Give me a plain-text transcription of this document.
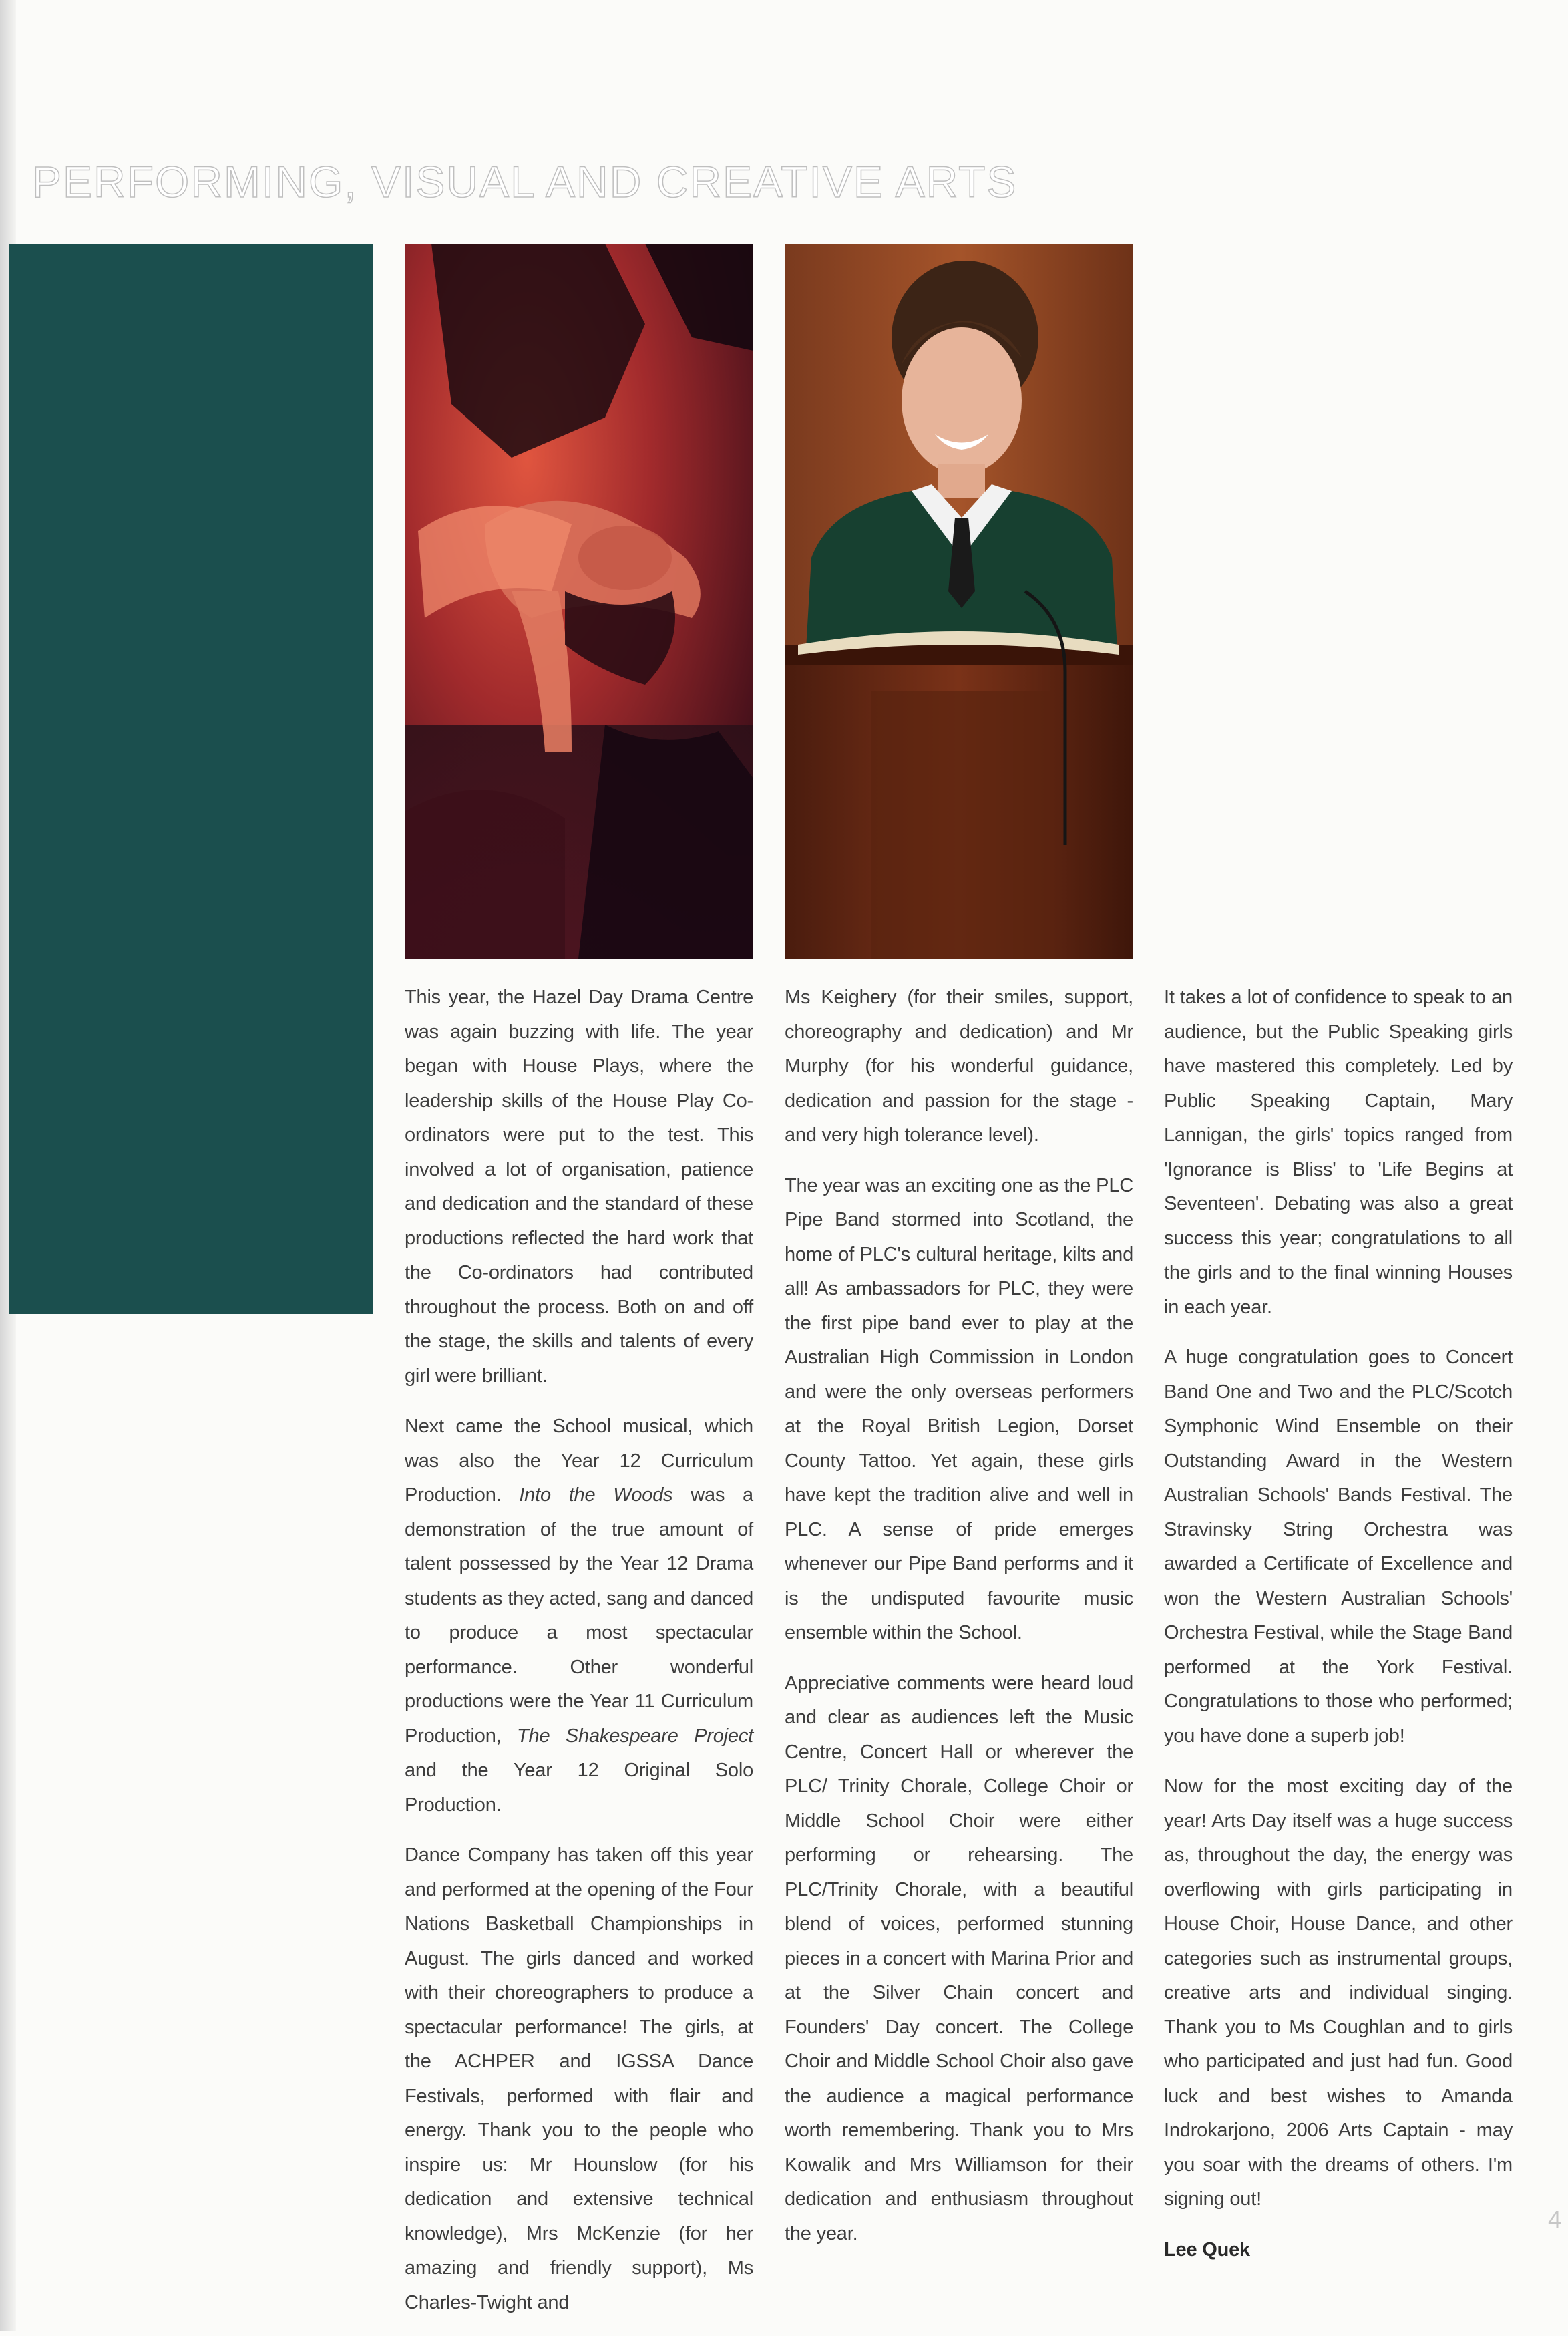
PERFORMING, VISUAL AND CREATIVE ARTS

This year, the Hazel Day Drama Centre was again buzzing with life. The year began with House Plays, where the leadership skills of the House Play Co-ordinators were put to the test. This involved a lot of organisation, patience and dedication and the standard of these productions reflected the hard work that the Co-ordinators had contributed throughout the process. Both on and off the stage, the skills and talents of every girl were brilliant.

Next came the School musical, which was also the Year 12 Curriculum Production. Into the Woods was a demonstration of the true amount of talent possessed by the Year 12 Drama students as they acted, sang and danced to produce a most spectacular performance. Other wonderful productions were the Year 11 Curriculum Production, The Shakespeare Project and the Year 12 Original Solo Production.

Dance Company has taken off this year and performed at the opening of the Four Nations Basketball Championships in August. The girls danced and worked with their choreographers to produce a spectacular performance! The girls, at the ACHPER and IGSSA Dance Festivals, performed with flair and energy. Thank you to the people who inspire us: Mr Hounslow (for his dedication and extensive technical knowledge), Mrs McKenzie (for her amazing and friendly support), Ms Charles-Twight and

Ms Keighery (for their smiles, support, choreography and dedication) and Mr Murphy (for his wonderful guidance, dedication and passion for the stage - and very high tolerance level).

The year was an exciting one as the PLC Pipe Band stormed into Scotland, the home of PLC's cultural heritage, kilts and all! As ambassadors for PLC, they were the first pipe band ever to play at the Australian High Commission in London and were the only overseas performers at the Royal British Legion, Dorset County Tattoo. Yet again, these girls have kept the tradition alive and well in PLC. A sense of pride emerges whenever our Pipe Band performs and it is the undisputed favourite music ensemble within the School.

Appreciative comments were heard loud and clear as audiences left the Music Centre, Concert Hall or wherever the PLC/ Trinity Chorale, College Choir or Middle School Choir were either performing or rehearsing. The PLC/Trinity Chorale, with a beautiful blend of voices, performed stunning pieces in a concert with Marina Prior and at the Silver Chain concert and Founders' Day concert. The College Choir and Middle School Choir also gave the audience a magical performance worth remembering. Thank you to Mrs Kowalik and Mrs Williamson for their dedication and enthusiasm throughout the year.

It takes a lot of confidence to speak to an audience, but the Public Speaking girls have mastered this completely. Led by Public Speaking Captain, Mary Lannigan, the girls' topics ranged from 'Ignorance is Bliss' to 'Life Begins at Seventeen'. Debating was also a great success this year; congratulations to all the girls and to the final winning Houses in each year.

A huge congratulation goes to Concert Band One and Two and the PLC/Scotch Symphonic Wind Ensemble on their Outstanding Award in the Western Australian Schools' Bands Festival. The Stravinsky String Orchestra was awarded a Certificate of Excellence and won the Western Australian Schools' Orchestra Festival, while the Stage Band performed at the York Festival. Congratulations to those who performed; you have done a superb job!

Now for the most exciting day of the year! Arts Day itself was a huge success as, throughout the day, the energy was overflowing with girls participating in House Choir, House Dance, and other categories such as instrumental groups, creative arts and individual singing. Thank you to Ms Coughlan and to girls who participated and just had fun. Good luck and best wishes to Amanda Indrokarjono, 2006 Arts Captain - may you soar with the dreams of others. I'm signing out!

Lee Quek

4
